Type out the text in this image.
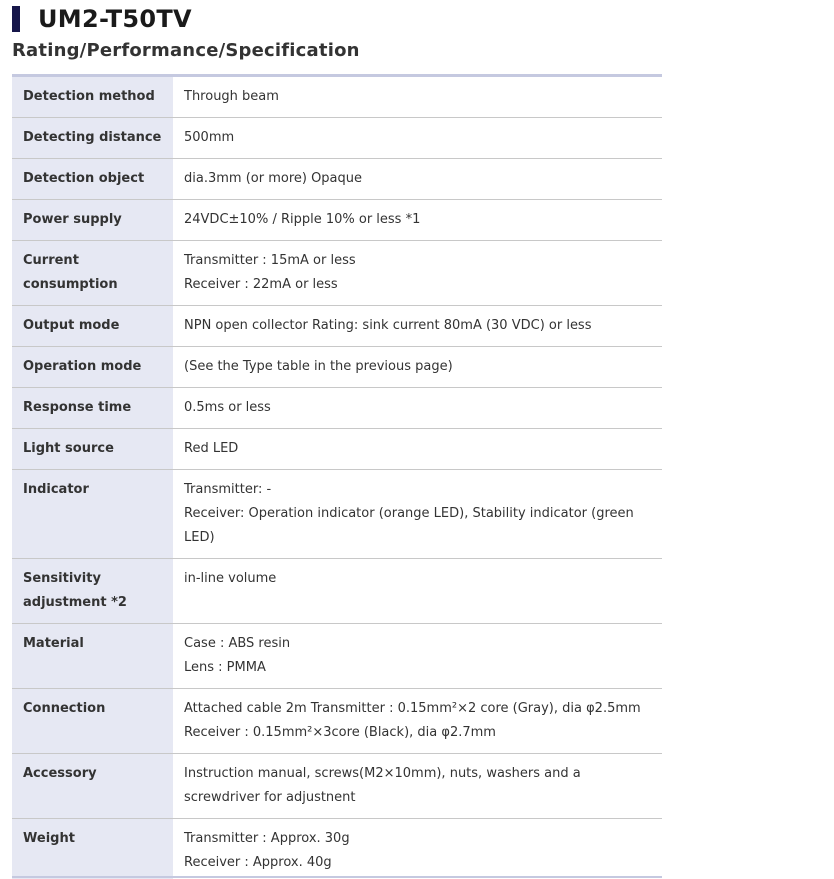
UM2-T50TV
Rating/Performance/Specification
Detection method	Through beam

Detecting distance	500mm

Detection object	dia.3mm (or more) Opaque

Power supply	24VDC±10% / Ripple 10% or less *1

Current consumption	Transmitter : 15mA or less
Receiver : 22mA or less

Output mode	NPN open collector Rating: sink current 80mA (30 VDC) or less

Operation mode	(See the Type table in the previous page)

Response time	0.5ms or less

Light source	Red LED

Indicator	Transmitter: -
Receiver: Operation indicator (orange LED), Stability indicator (green LED)

Sensitivity adjustment *2	in-line volume

Material	Case : ABS resin
Lens : PMMA

Connection	Attached cable 2m Transmitter : 0.15mm²×2 core (Gray), dia φ2.5mm
Receiver : 0.15mm²×3core (Black), dia φ2.7mm

Accessory	Instruction manual, screws(M2×10mm), nuts, washers and a screwdriver for adjustnent

Weight	Transmitter : Approx. 30g
Receiver : Approx. 40g
